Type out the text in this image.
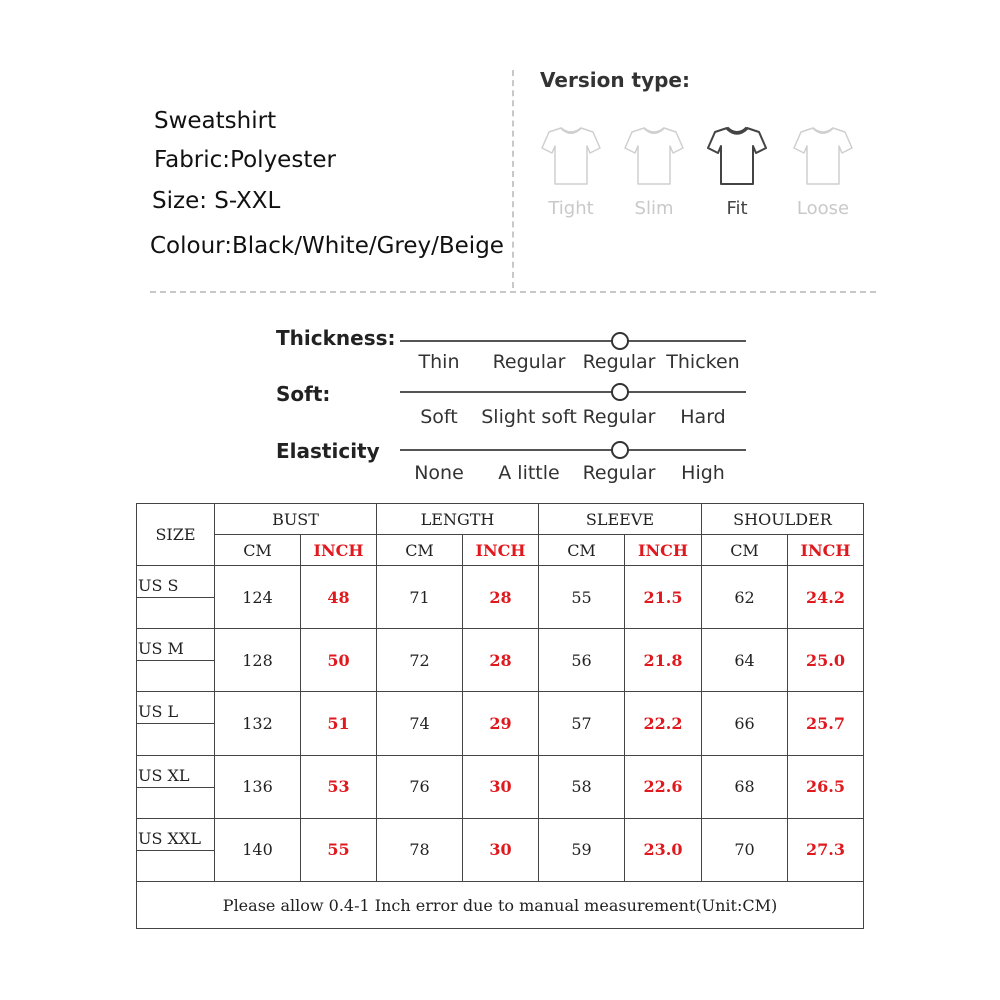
Sweatshirt
Fabric:Polyester
Size: S-XXL
Colour:Black/White/Grey/Beige
Version type:
Tight	Slim	Fit	Loose
Thickness:
Thin Regular Regular Thicken
Soft:
Soft Slight soft Regular Hard
Elasticity
None A little Regular High
SIZE	BUST		LENGTH		SLEEVE		SHOULDER	
	CM	INCH	CM	INCH	CM	INCH	CM	INCH

US S	124	48	71	28	55	21.5	62	24.2

US M	128	50	72	28	56	21.8	64	25.0

US L	132	51	74	29	57	22.2	66	25.7

US XL	136	53	76	30	58	22.6	68	26.5

US XXL	140	55	78	30	59	23.0	70	27.3
Please allow 0.4-1 Inch error due to manual measurement(Unit:CM)								
